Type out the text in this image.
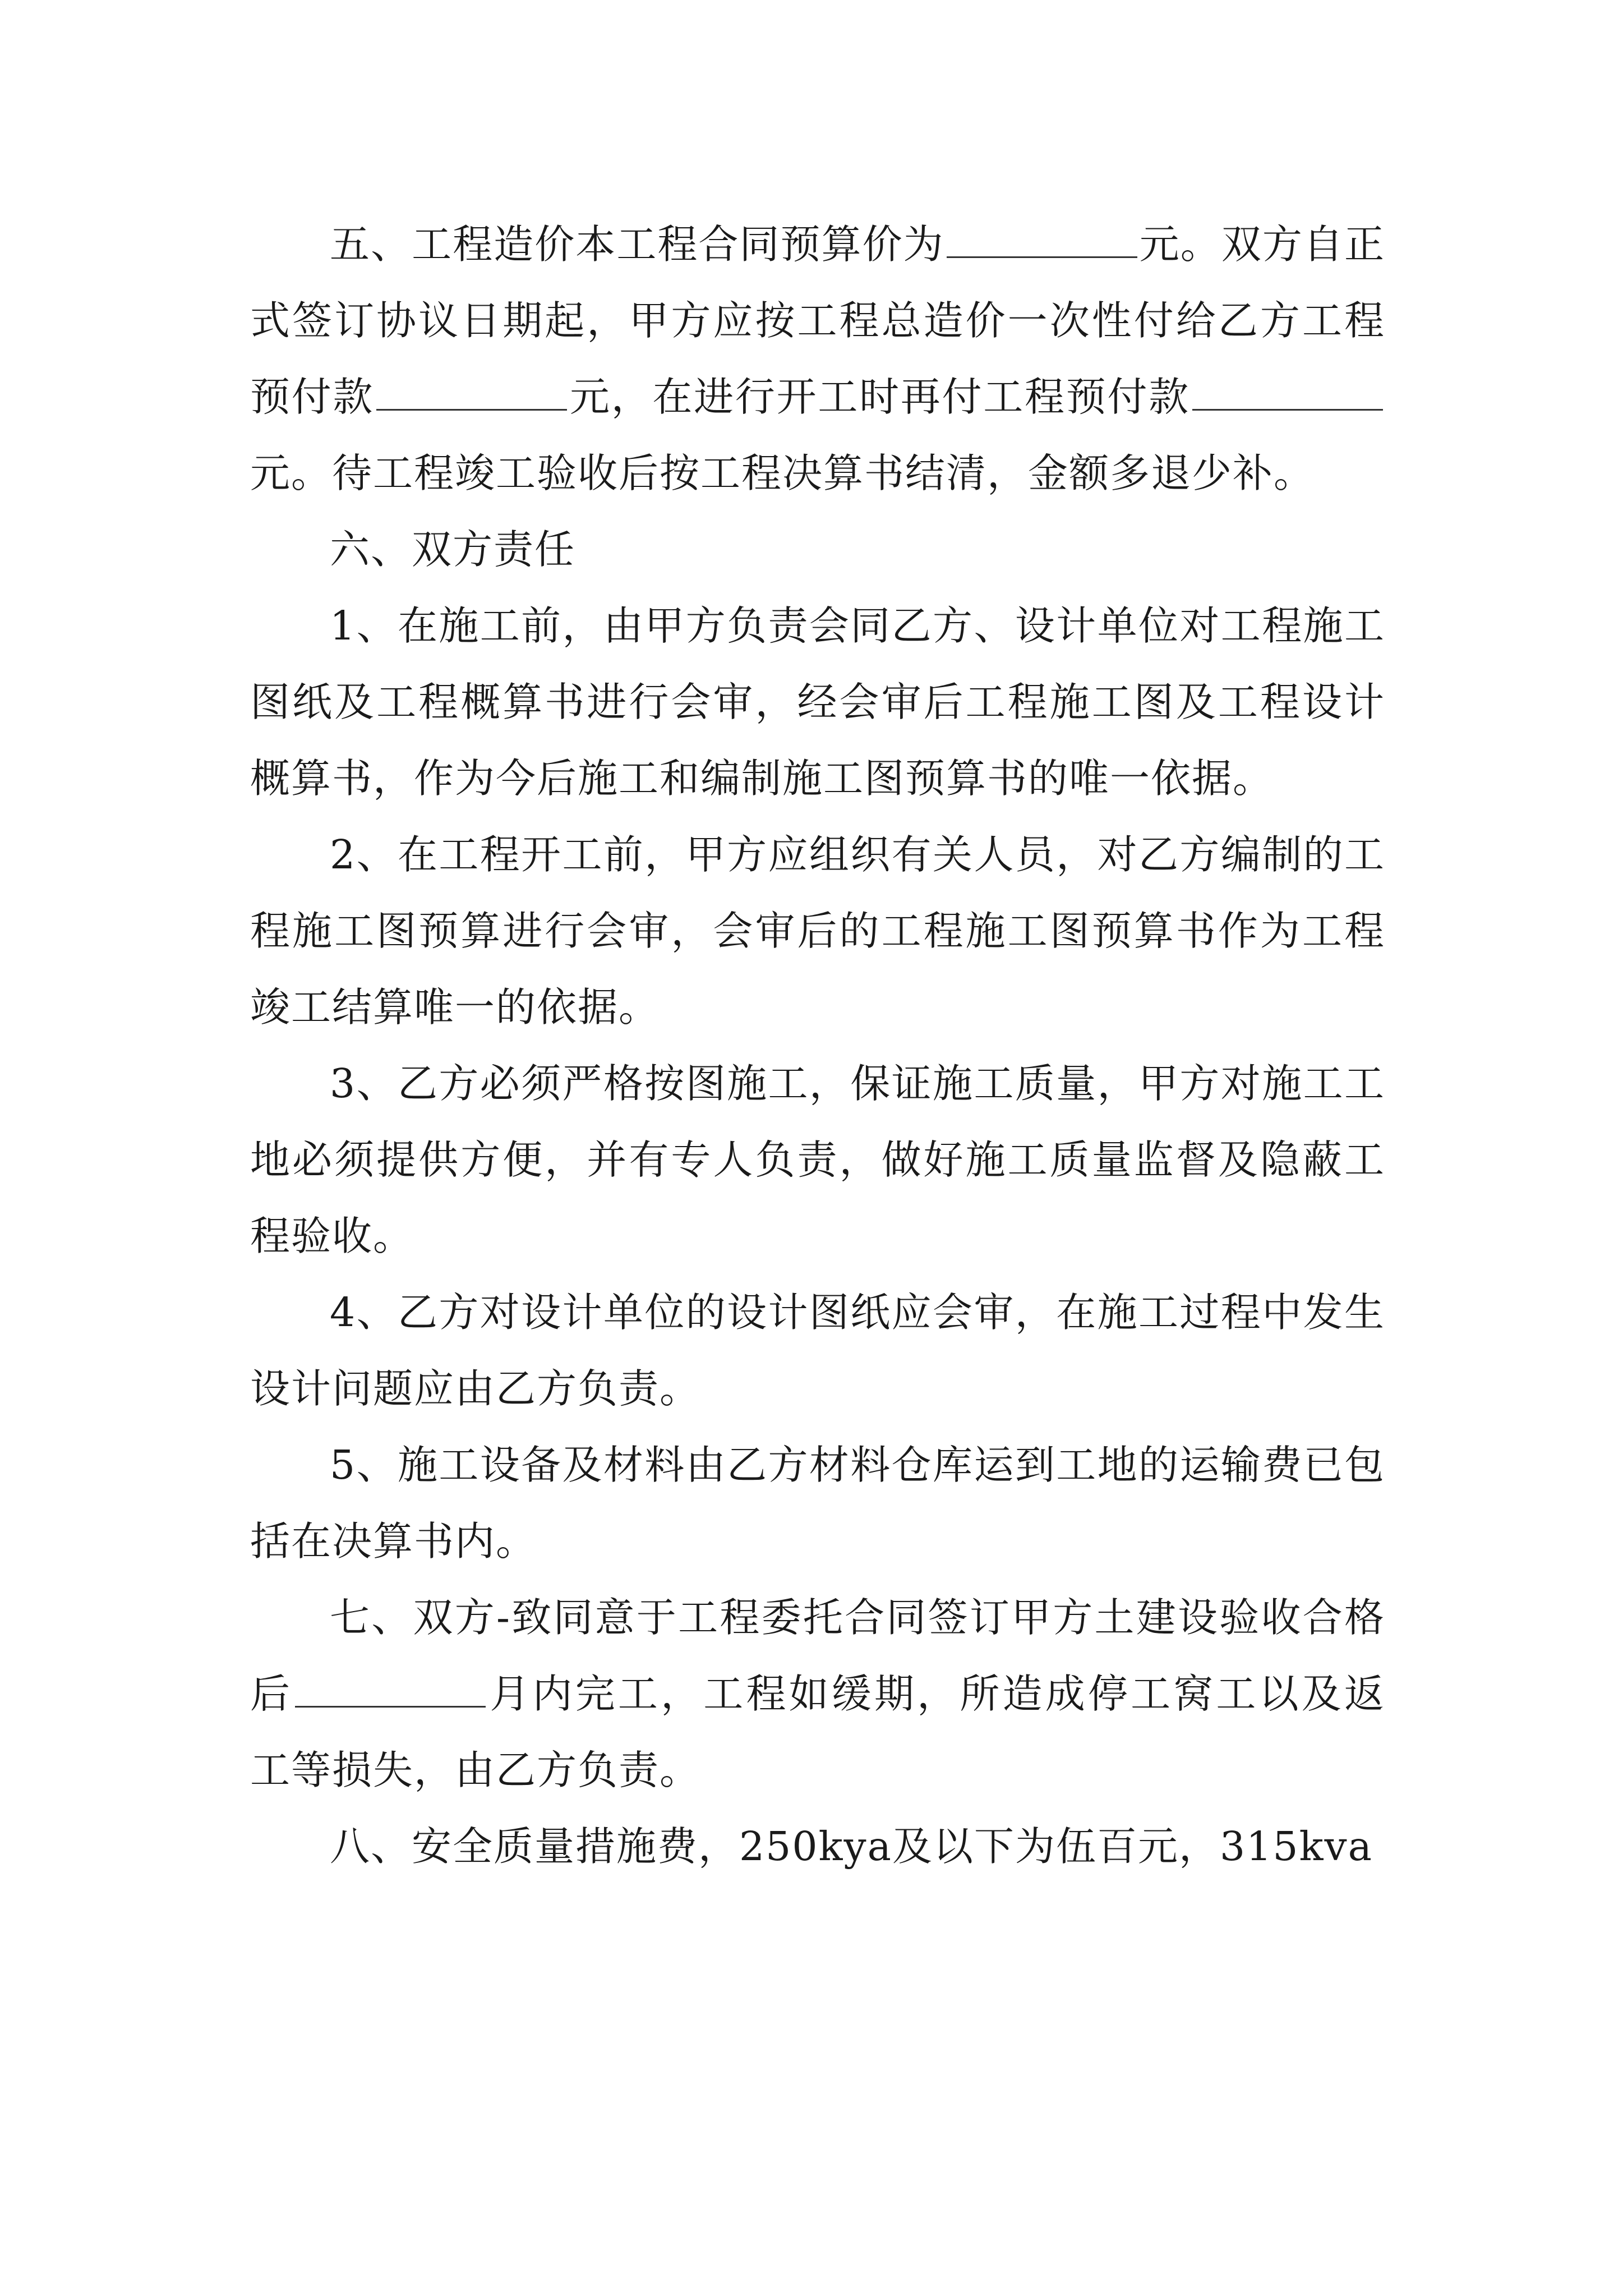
五、工程造价本工程合同预算价为	元。双方自正式签订协议日期起，甲方应按工程总造价一次性付给乙方工程预付款	元，在进行开工时再付工程预付款元。待工程竣工验收后按工程决算书结清，金额多退少补。

六、双方责任

1、在施工前，由甲方负责会同乙方、设计单位对工程施工图纸及工程概算书进行会审，经会审后工程施工图及工程设计概算书，作为今后施工和编制施工图预算书的唯一依据。

2、在工程开工前，甲方应组织有关人员，对乙方编制的工程施工图预算进行会审，会审后的工程施工图预算书作为工程竣工结算唯一的依据。

3、乙方必须严格按图施工，保证施工质量，甲方对施工工地必须提供方便，并有专人负责，做好施工质量监督及隐蔽工程验收。

4、乙方对设计单位的设计图纸应会审，在施工过程中发生设计问题应由乙方负责。

5、施工设备及材料由乙方材料仓库运到工地的运输费已包括在决算书内。

七、双方-致同意于工程委托合同签订甲方土建设验收合格后	月内完工，工程如缓期，所造成停工窝工以及返工等损失，由乙方负责。

八、安全质量措施费，250kya及以下为伍百元，315kva
